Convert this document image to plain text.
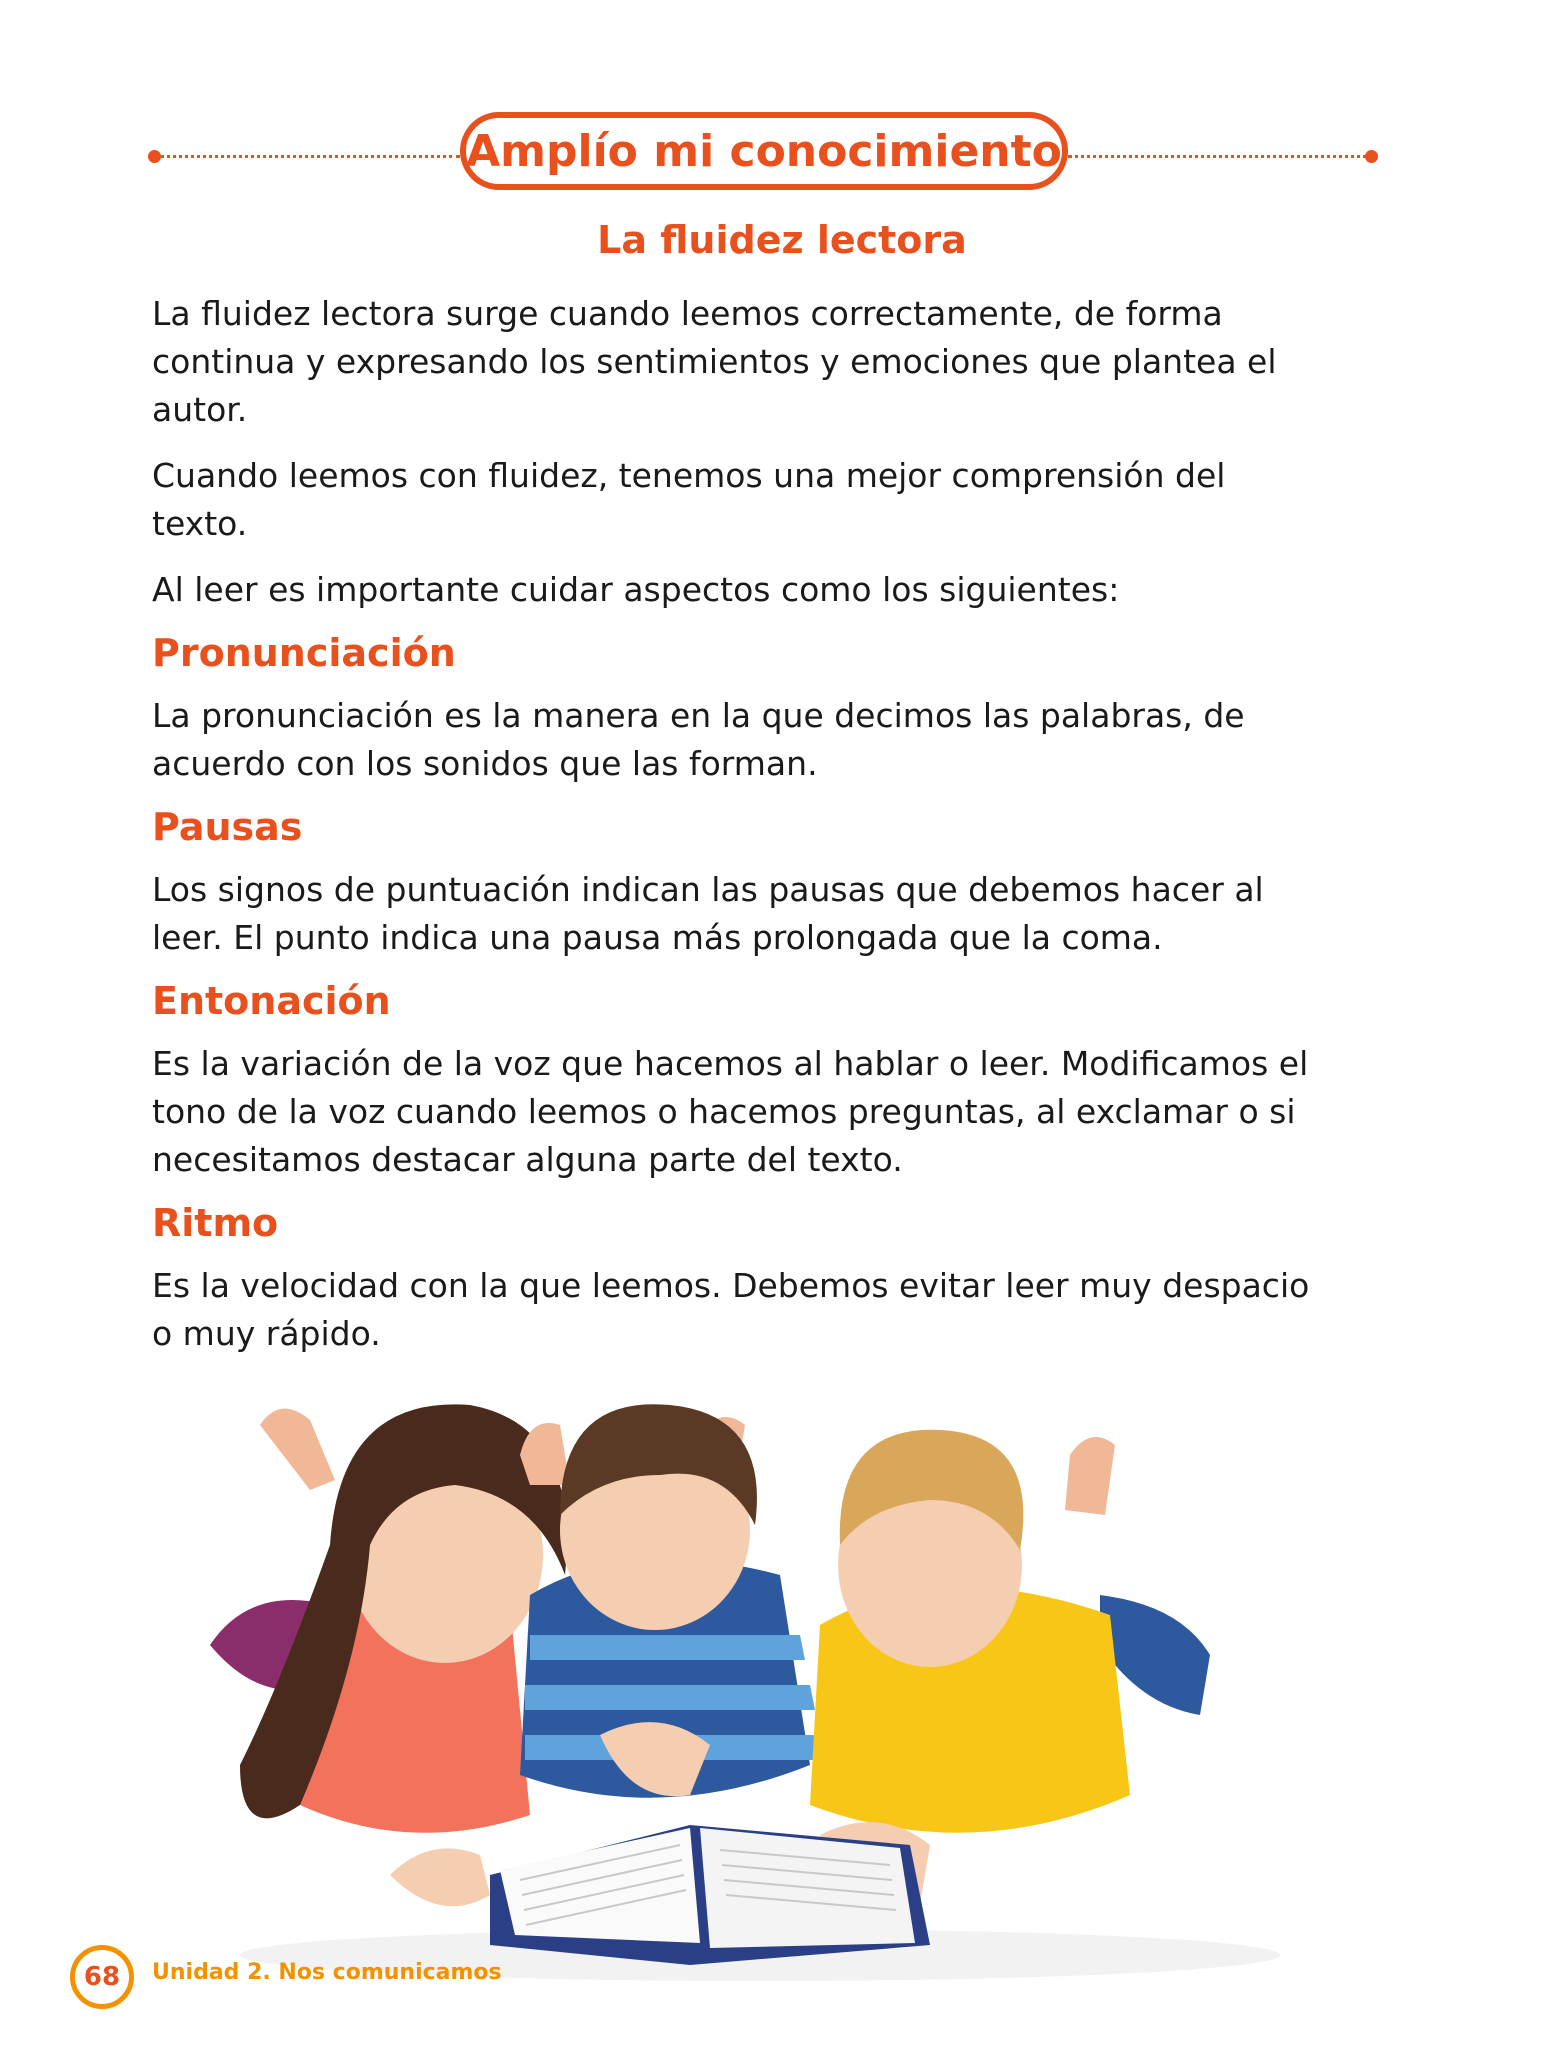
Amplío mi conocimiento
La fluidez lectora

La fluidez lectora surge cuando leemos correctamente, de forma

continua y expresando los sentimientos y emociones que plantea el

autor.

Cuando leemos con fluidez, tenemos una mejor comprensión del

texto.

Al leer es importante cuidar aspectos como los siguientes:

Pronunciación

La pronunciación es la manera en la que decimos las palabras, de

acuerdo con los sonidos que las forman.

Pausas

Los signos de puntuación indican las pausas que debemos hacer al

leer. El punto indica una pausa más prolongada que la coma.

Entonación

Es la variación de la voz que hacemos al hablar o leer. Modificamos el

tono de la voz cuando leemos o hacemos preguntas, al exclamar o si

necesitamos destacar alguna parte del texto.

Ritmo

Es la velocidad con la que leemos. Debemos evitar leer muy despacio

o muy rápido.

68	Unidad 2. Nos comunicamos
